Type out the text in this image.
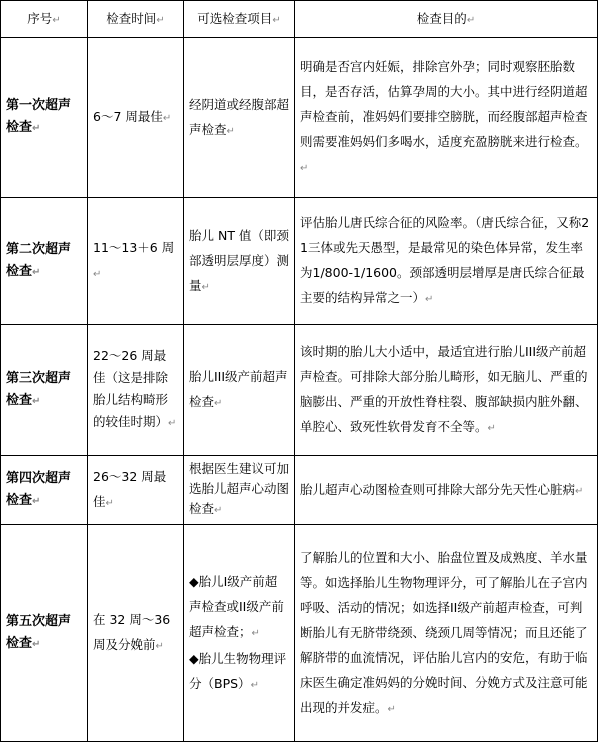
序号↵	检查时间↵	可选检查项目↵	检查目的↵
第一次超声检查↵	6～7 周最佳↵	经阴道或经腹部超声检查↵	明确是否宫内妊娠，排除宫外孕；同时观察胚胎数目，是否存活，估算孕周的大小。其中进行经阴道超声检查前，准妈妈们要排空膀胱，而经腹部超声检查则需要准妈妈们多喝水，适度充盈膀胱来进行检查。↵
第二次超声检查↵	11～13＋6 周↵	胎儿 NT 值（即颈部透明层厚度）测量↵	评估胎儿唐氏综合征的风险率。（唐氏综合征，又称21三体或先天愚型，是最常见的染色体异常，发生率为1/800-1/1600。颈部透明层增厚是唐氏综合征最主要的结构异常之一）↵
第三次超声检查↵	22～26 周最佳（这是排除胎儿结构畸形的较佳时期）↵	胎儿III级产前超声检查↵	该时期的胎儿大小适中，最适宜进行胎儿III级产前超声检查。可排除大部分胎儿畸形，如无脑儿、严重的脑膨出、严重的开放性脊柱裂、腹部缺损内脏外翻、单腔心、致死性软骨发育不全等。↵
第四次超声检查↵	26～32 周最佳↵	根据医生建议可加选胎儿超声心动图检查↵	胎儿超声心动图检查则可排除大部分先天性心脏病↵
第五次超声检查↵	在 32 周～36 周及分娩前↵	◆胎儿I级产前超声检查或II级产前超声检查；↵
◆胎儿生物物理评分（BPS）↵	了解胎儿的位置和大小、胎盘位置及成熟度、羊水量等。如选择胎儿生物物理评分，可了解胎儿在子宫内呼吸、活动的情况；如选择II级产前超声检查，可判断胎儿有无脐带绕颈、绕颈几周等情况；而且还能了解脐带的血流情况，评估胎儿宫内的安危，有助于临床医生确定准妈妈的分娩时间、分娩方式及注意可能出现的并发症。↵
